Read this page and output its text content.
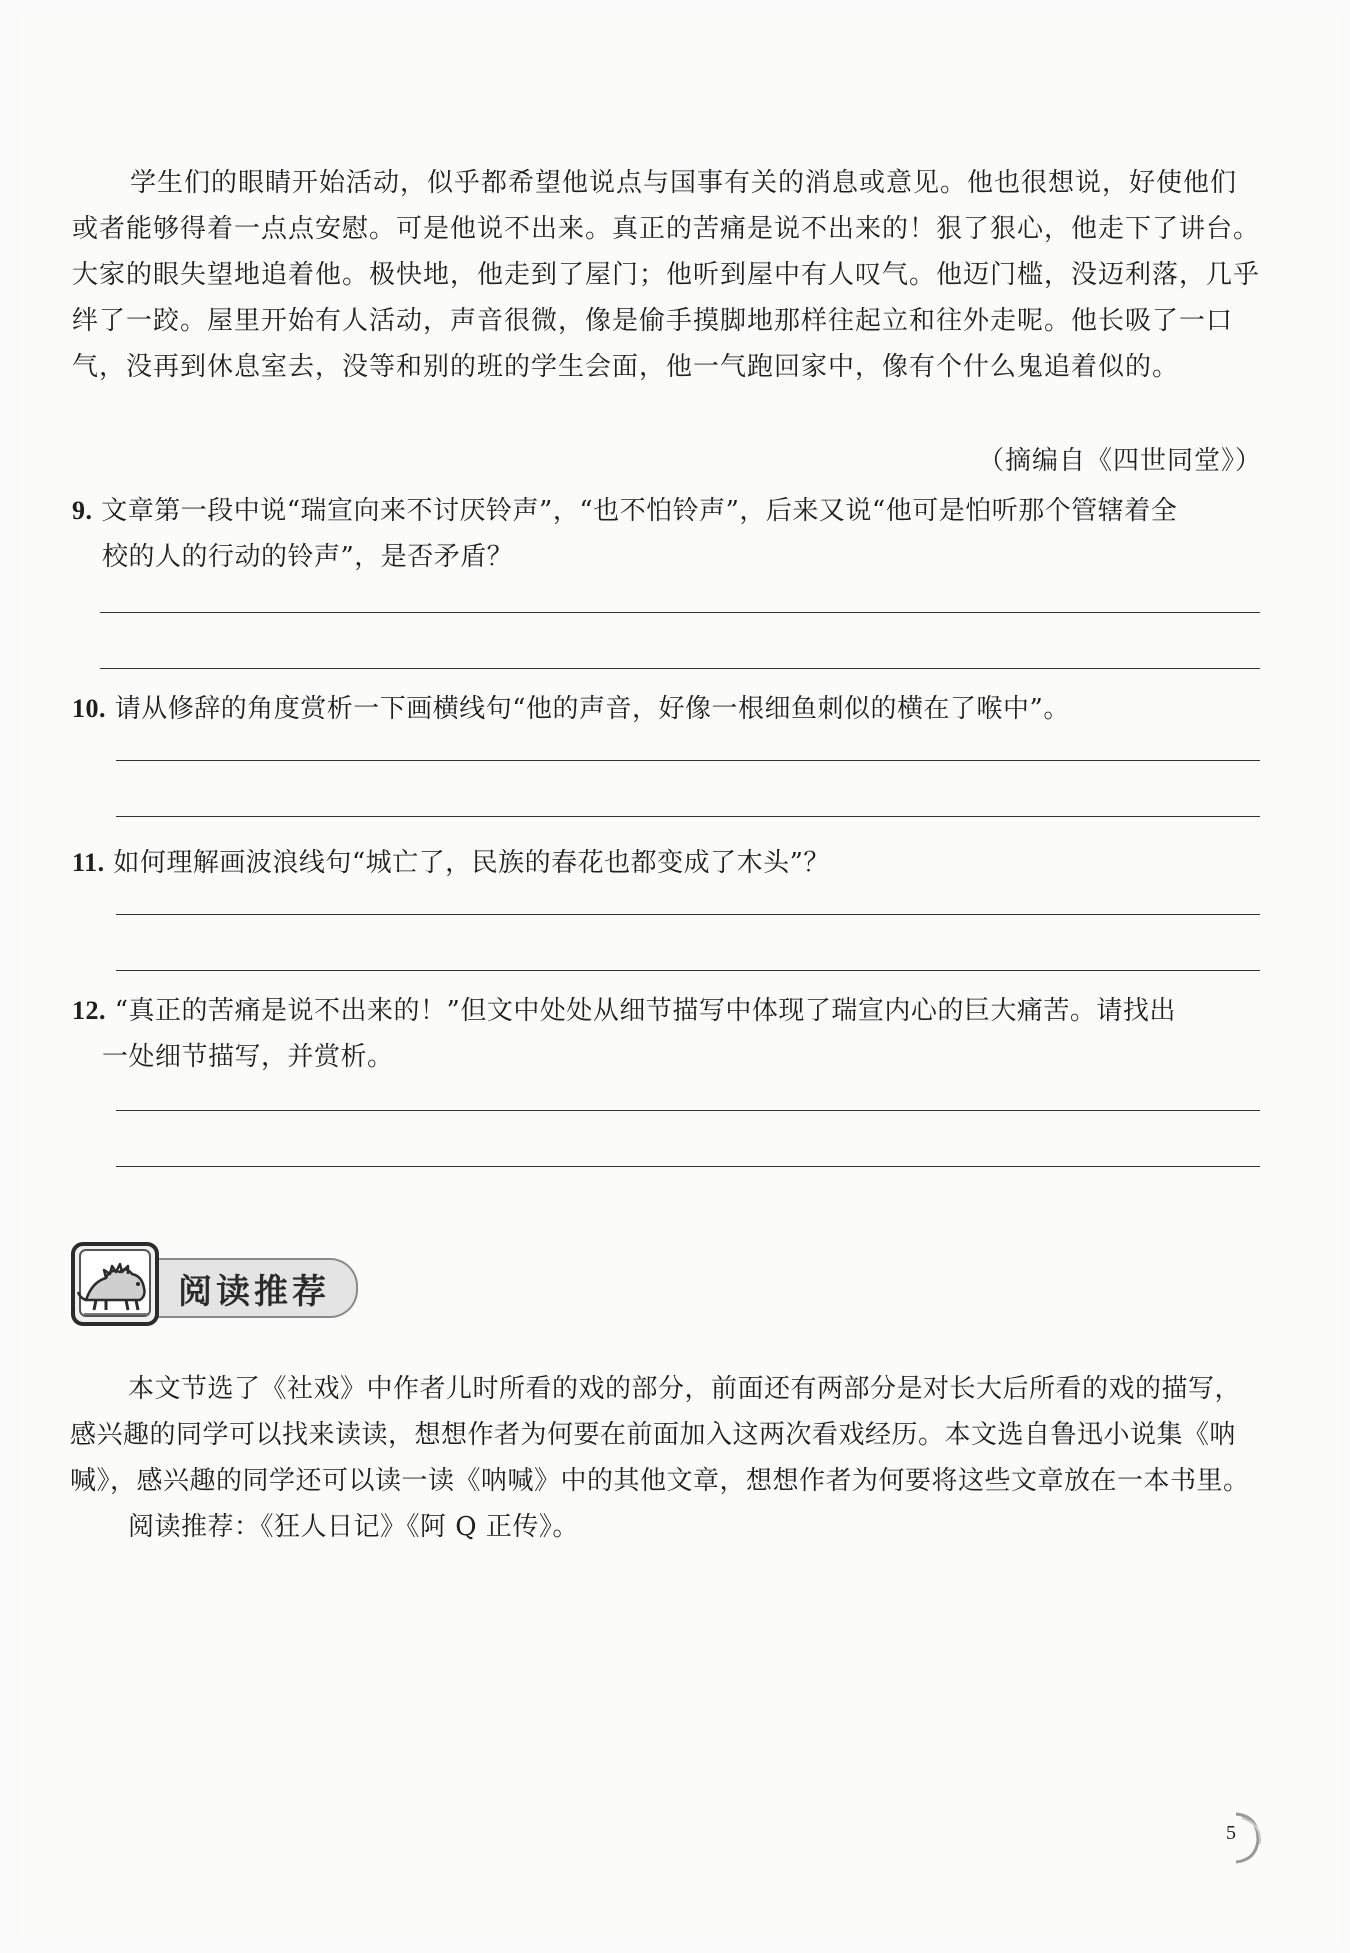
学生们的眼睛开始活动，似乎都希望他说点与国事有关的消息或意见。他也很想说，好使他们或者能够得着一点点安慰。可是他说不出来。真正的苦痛是说不出来的！狠了狠心，他走下了讲台。大家的眼失望地追着他。极快地，他走到了屋门；他听到屋中有人叹气。他迈门槛，没迈利落，几乎绊了一跤。屋里开始有人活动，声音很微，像是偷手摸脚地那样往起立和往外走呢。他长吸了一口气，没再到休息室去，没等和别的班的学生会面，他一气跑回家中，像有个什么鬼追着似的。

（摘编自《四世同堂》）
9. 文章第一段中说“瑞宣向来不讨厌铃声”，“也不怕铃声”，后来又说“他可是怕听那个管辖着全
校的人的行动的铃声”，是否矛盾？
10. 请从修辞的角度赏析一下画横线句“他的声音，好像一根细鱼刺似的横在了喉中”。
11. 如何理解画波浪线句“城亡了，民族的春花也都变成了木头”？
12. “真正的苦痛是说不出来的！”但文中处处从细节描写中体现了瑞宣内心的巨大痛苦。请找出
一处细节描写，并赏析。
阅读推荐

本文节选了《社戏》中作者儿时所看的戏的部分，前面还有两部分是对长大后所看的戏的描写，感兴趣的同学可以找来读读，想想作者为何要在前面加入这两次看戏经历。本文选自鲁迅小说集《呐喊》，感兴趣的同学还可以读一读《呐喊》中的其他文章，想想作者为何要将这些文章放在一本书里。

阅读推荐：《狂人日记》《阿 Q 正传》。

5
